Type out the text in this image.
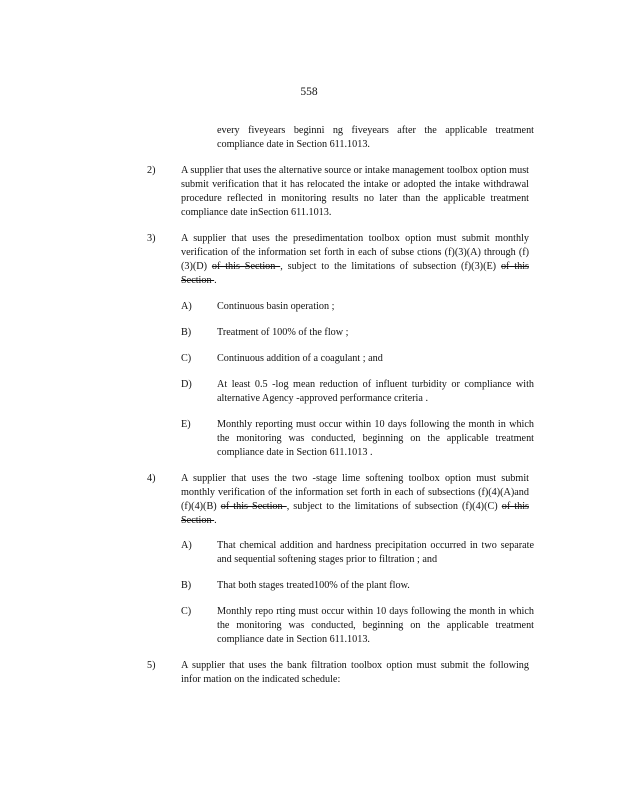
558
every fiveyears beginni ng fiveyears after the applicable treatment compliance date in Section 611.1013.
2)	A supplier that uses the alternative source or intake management toolbox option must submit verification that it has relocated the intake or adopted the intake withdrawal procedure reflected in monitoring results no later than the applicable treatment compliance date inSection 611.1013.
3)	A supplier that uses the presedimentation toolbox option must submit monthly verification of the information set forth in each of subse ctions (f)(3)(A) through (f)(3)(D) of this Section , subject to the limitations of subsection (f)(3)(E) of this Section .
A) Continuous basin operation ;
B)	Treatment of 100% of the flow ;
C)	Continuous addition of a coagulant ; and
D) At least 0.5 -log mean reduction of influent turbidity or compliance with alternative Agency -approved performance criteria .
E)	Monthly reporting must occur within 10 days following the month in which the monitoring was conducted, beginning on the applicable treatment compliance date in Section 611.1013 .
4)	A supplier that uses the two -stage lime softening toolbox option must submit monthly verification of the information set forth in each of subsections (f)(4)(A)and (f)(4)(B) of this Section , subject to the limitations of subsection (f)(4)(C) of this Section .
A) That chemical addition and hardness precipitation occurred in two separate and sequential softening stages prior to filtration ; and
B)	That both stages treated100% of the plant flow.
C)	Monthly repo rting must occur within 10 days following the month in which the monitoring was conducted, beginning on the applicable treatment compliance date in Section 611.1013.
5)	A supplier that uses the bank filtration toolbox option must submit the following infor mation on the indicated schedule:
